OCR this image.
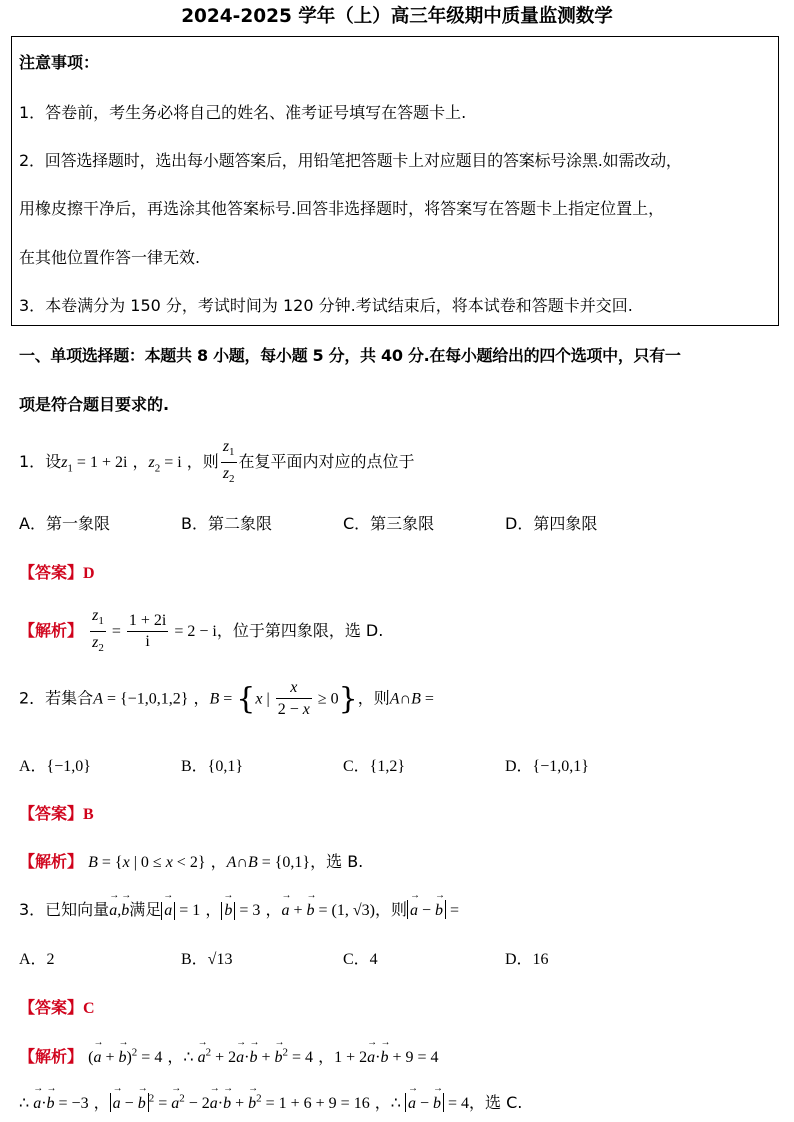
2024-2025 学年（上）高三年级期中质量监测数学
注意事项：
1．答卷前，考生务必将自己的姓名、准考证号填写在答题卡上.
2．回答选择题时，选出每小题答案后，用铅笔把答题卡上对应题目的答案标号涂黑.如需改动，
用橡皮擦干净后，再选涂其他答案标号.回答非选择题时，将答案写在答题卡上指定位置上，
在其他位置作答一律无效.
3．本卷满分为 150 分，考试时间为 120 分钟.考试结束后，将本试卷和答题卡并交回.
一、单项选择题：本题共 8 小题，每小题 5 分，共 40 分.在每小题给出的四个选项中，只有一
项是符合题目要求的.
1．设$z_1 = 1 + 2i$ ，$z_2 = i$ ，则 $\frac{z_1}{z_2}$ 在复平面内对应的点位于
A．第一象限	B．第二象限	C．第三象限	D．第四象限
【答案】D
【解析】 $\frac{z_1}{z_2} = \frac{1 + 2i}{i} = 2 - i$，位于第四象限，选 D.
2．若集合A = {−1,0,1,2} ，B = {x | $\frac{x}{2 - x} \ge 0$}，则A∩B =
A．{−1,0}	B．{0,1}	C．{1,2}	D．{−1,0,1}
【答案】B
【解析】 B = {x | 0 ≤ x < 2} ，A∩B = {0,1}，选 B.
3．已知向量→ a,→ b满足 → a = 1 ， → b = 3 ，→ a + → b = (1, √3)，则 → a − → b =
A．2	B．√13	C．4	D．16
【答案】C
【解析】 (→ a + → b)$^2$ = 4 ，∴ → $a^2 + 2\to a\cdot\to b$ + → $b^2 = 4$ ，1 + 2→ a·→ b + 9 = 4
∴ → a·→ b = −3 ， → a − → b $^2$ = → $a^2 - 2\to a\cdot\to b$ + → $b^2 = 1 + 6 + 9 = 16$ ，∴ → a − → b = 4，选 C.
